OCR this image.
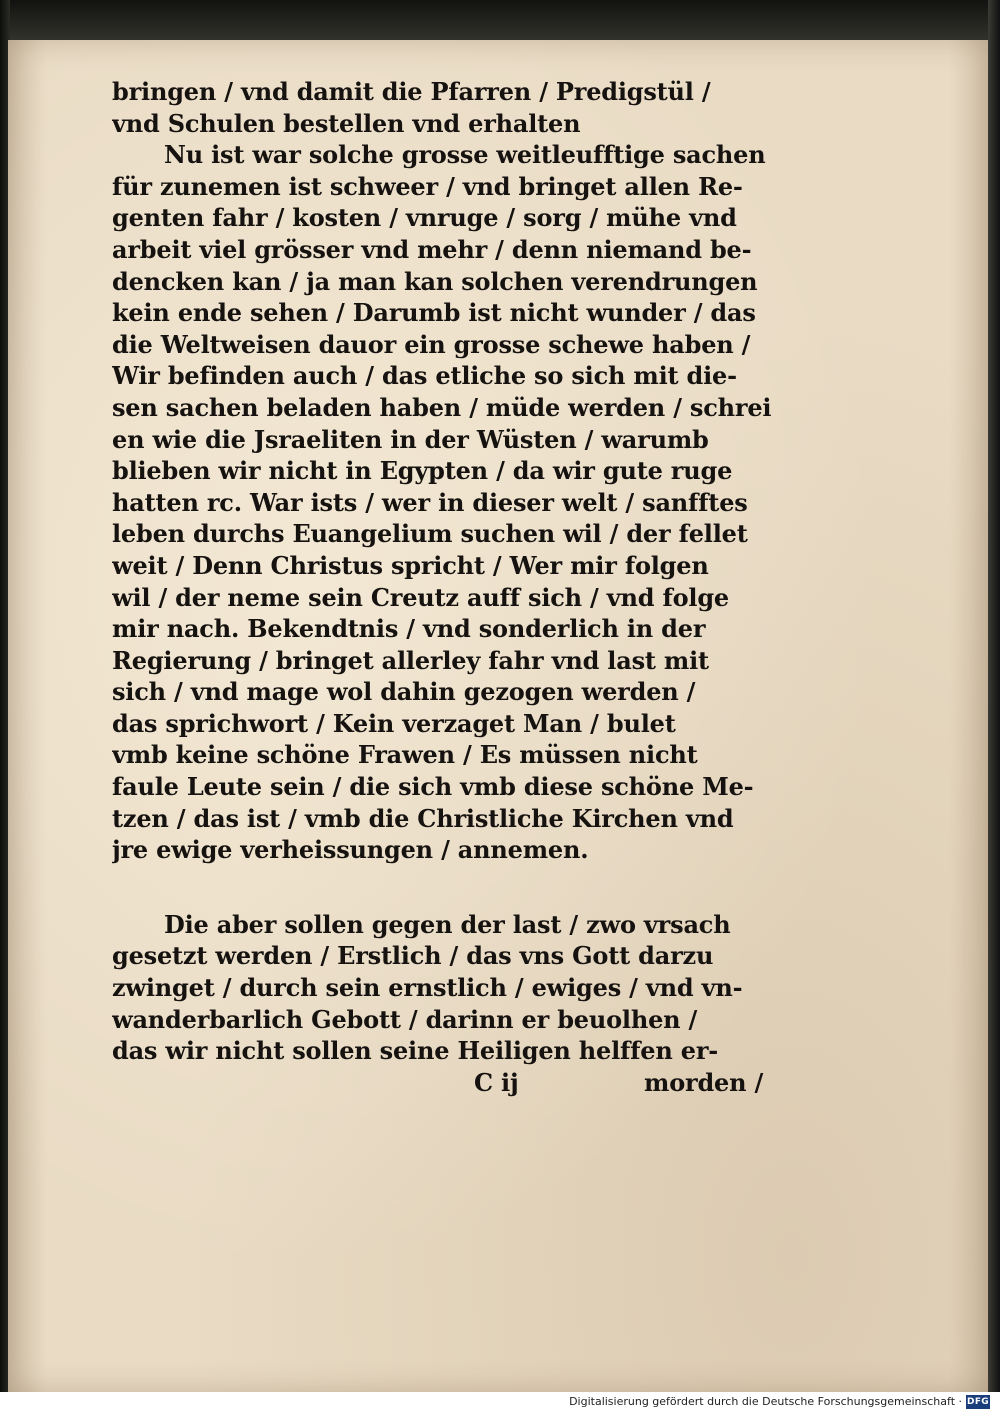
bringen / vnd damit die Pfarren / Predigstül /
vnd Schulen bestellen vnd erhalten
Nu ist war solche grosse weitleufftige sachen
für zunemen ist schweer / vnd bringet allen Re-
genten fahr / kosten / vnruge / sorg / mühe vnd
arbeit viel grösser vnd mehr / denn niemand be-
dencken kan / ja man kan solchen verendrungen
kein ende sehen / Darumb ist nicht wunder / das
die Weltweisen dauor ein grosse schewe haben /
Wir befinden auch / das etliche so sich mit die-
sen sachen beladen haben / müde werden / schrei
en wie die Jsraeliten in der Wüsten / warumb
blieben wir nicht in Egypten / da wir gute ruge
hatten rc. War ists / wer in dieser welt / sanfftes
leben durchs Euangelium suchen wil / der fellet
weit / Denn Christus spricht / Wer mir folgen
wil / der neme sein Creutz auff sich / vnd folge
mir nach. Bekendtnis / vnd sonderlich in der
Regierung / bringet allerley fahr vnd last mit
sich / vnd mage wol dahin gezogen werden /
das sprichwort / Kein verzaget Man / bulet
vmb keine schöne Frawen / Es müssen nicht
faule Leute sein / die sich vmb diese schöne Me-
tzen / das ist / vmb die Christliche Kirchen vnd
jre ewige verheissungen / annemen.
Die aber sollen gegen der last / zwo vrsach
gesetzt werden / Erstlich / das vns Gott darzu
zwinget / durch sein ernstlich / ewiges / vnd vn-
wanderbarlich Gebott / darinn er beuolhen /
das wir nicht sollen seine Heiligen helffen er-
C ij	morden /
Digitalisierung gefördert durch die Deutsche Forschungsgemeinschaft · DFG
